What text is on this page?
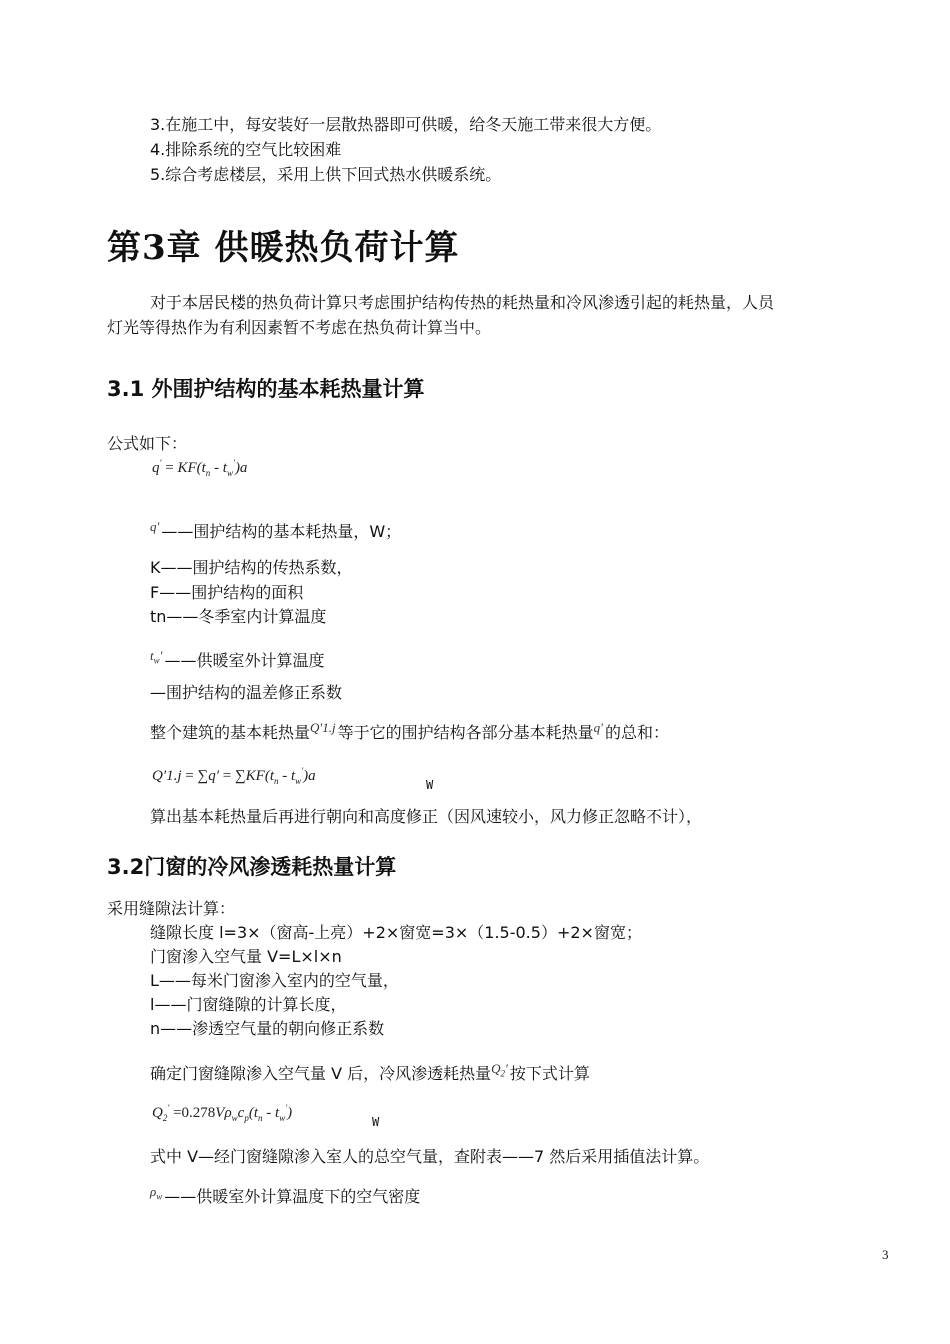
3.在施工中，每安装好一层散热器即可供暖，给冬天施工带来很大方便。
4.排除系统的空气比较困难
5.综合考虑楼层，采用上供下回式热水供暖系统。
第3章 供暖热负荷计算
对于本居民楼的热负荷计算只考虑围护结构传热的耗热量和冷风渗透引起的耗热量，人员
灯光等得热作为有利因素暂不考虑在热负荷计算当中。
3.1 外围护结构的基本耗热量计算
公式如下：
$q' = KF(t_n - t_w')a$
$^{q'}$ ——围护结构的基本耗热量，W；
K——围护结构的传热系数，
F——围护结构的面积
tn——冬季室内计算温度
$^{t_w'}$ ——供暖室外计算温度
—围护结构的温差修正系数
整个建筑的基本耗热量$^{Q'1.j}$ 等于它的围护结构各部分基本耗热量$^{q'}$ 的总和：
$Q'1.j = \sum q' = \sum KF(t_n - t_w')a$
W
算出基本耗热量后再进行朝向和高度修正（因风速较小，风力修正忽略不计），
3.2门窗的冷风渗透耗热量计算
采用缝隙法计算：
缝隙长度 l=3×（窗高-上亮）+2×窗宽=3×（1.5-0.5）+2×窗宽；
门窗渗入空气量 V=L×l×n
L——每米门窗渗入室内的空气量，
l——门窗缝隙的计算长度，
n——渗透空气量的朝向修正系数
确定门窗缝隙渗入空气量 V 后，冷风渗透耗热量$^{Q_2'}$ 按下式计算
$Q_2' =0.278V\rho_wc_p(t_n - t_w')$
W
式中 V—经门窗缝隙渗入室人的总空气量，查附表——7 然后采用插值法计算。
$^{\rho_w}$ ——供暖室外计算温度下的空气密度
3
